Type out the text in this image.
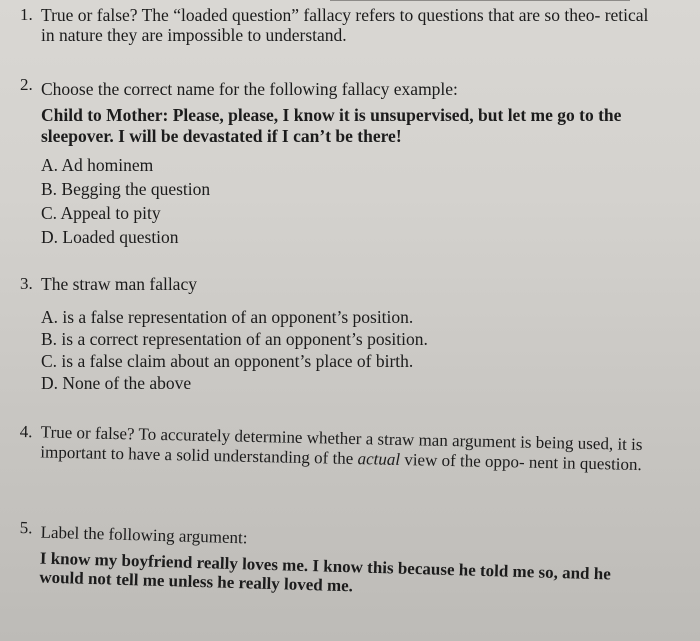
1. True or false? The “loaded question” fallacy refers to questions that are so theo- retical in nature they are impossible to understand.
2. Choose the correct name for the following fallacy example:
Child to Mother: Please, please, I know it is unsupervised, but let me go to the sleepover. I will be devastated if I can’t be there!
A. Ad hominem
B. Begging the question
C. Appeal to pity
D. Loaded question
3. The straw man fallacy
A. is a false representation of an opponent’s position.
B. is a correct representation of an opponent’s position.
C. is a false claim about an opponent’s place of birth.
D. None of the above
4. True or false? To accurately determine whether a straw man argument is being used, it is important to have a solid understanding of the actual view of the oppo- nent in question.
5. Label the following argument:
I know my boyfriend really loves me. I know this because he told me so, and he would not tell me unless he really loved me.
